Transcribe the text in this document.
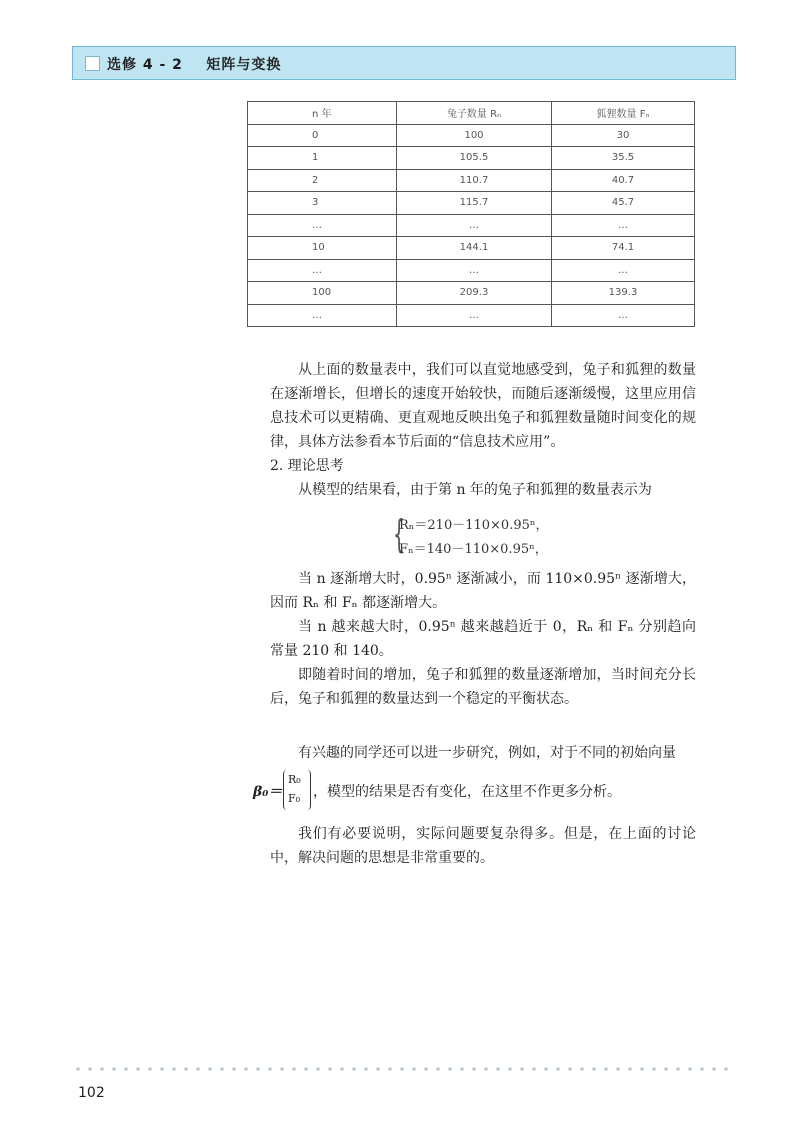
选修 4 - 2    矩阵与变换
n 年	兔子数量 Rₙ	狐狸数量 Fₙ
0	100	30
1	105.5	35.5
2	110.7	40.7
3	115.7	45.7
…	…	…
10	144.1	74.1
…	…	…
100	209.3	139.3
…	…	…

从上面的数量表中，我们可以直觉地感受到，兔子和狐狸的数量在逐渐增长，但增长的速度开始较快，而随后逐渐缓慢，这里应用信息技术可以更精确、更直观地反映出兔子和狐狸数量随时间变化的规律，具体方法参看本节后面的“信息技术应用”。

2. 理论思考

从模型的结果看，由于第 n 年的兔子和狐狸的数量表示为

{
Rₙ＝210－110×0.95ⁿ，
Fₙ＝140－110×0.95ⁿ，

当 n 逐渐增大时，0.95ⁿ 逐渐减小，而 110×0.95ⁿ 逐渐增大，因而 Rₙ 和 Fₙ 都逐渐增大。

当 n 越来越大时，0.95ⁿ 越来越趋近于 0，Rₙ 和 Fₙ 分别趋向常量 210 和 140。

即随着时间的增加，兔子和狐狸的数量逐渐增加，当时间充分长后，兔子和狐狸的数量达到一个稳定的平衡状态。

有兴趣的同学还可以进一步研究，例如，对于不同的初始向量

β₀＝
R₀
F₀ ，模型的结果是否有变化，在这里不作更多分析。

我们有必要说明，实际问题要复杂得多。但是，在上面的讨论中，解决问题的思想是非常重要的。

102
